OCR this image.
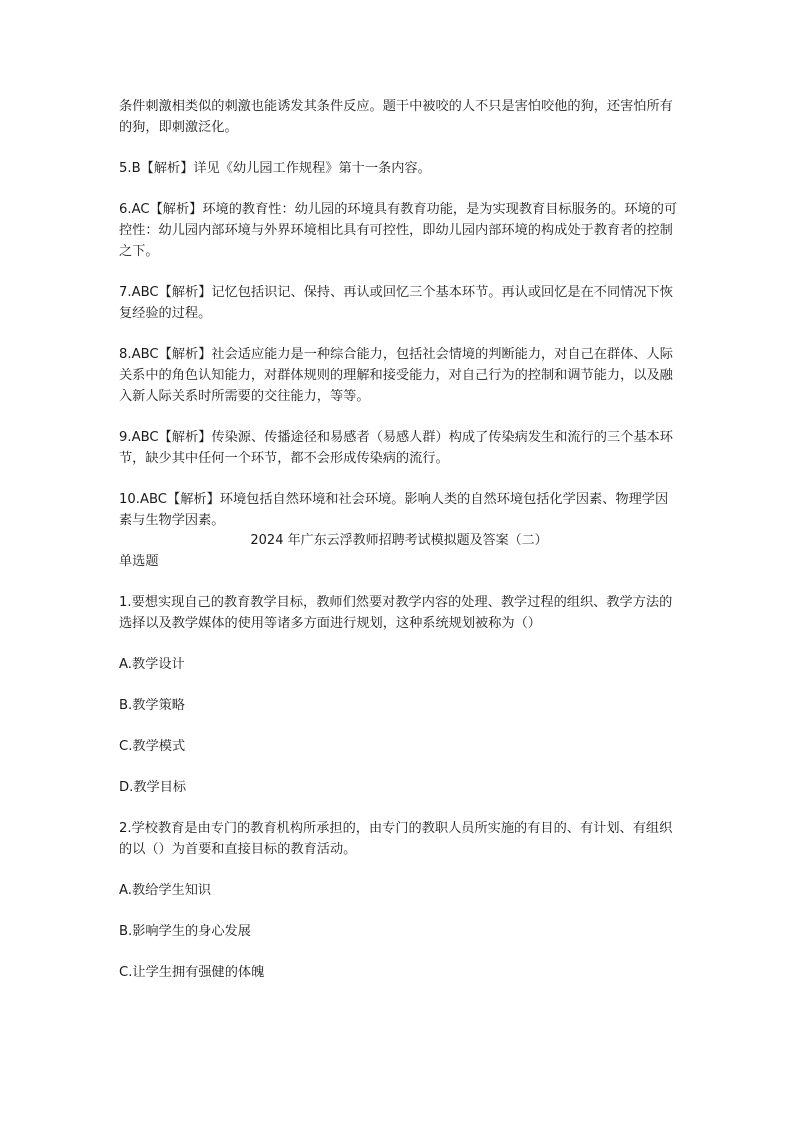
条件刺激相类似的刺激也能诱发其条件反应。题干中被咬的人不只是害怕咬他的狗，还害怕所有的狗，即刺激泛化。

5.B【解析】详见《幼儿园工作规程》第十一条内容。

6.AC【解析】环境的教育性：幼儿园的环境具有教育功能，是为实现教育目标服务的。环境的可控性：幼儿园内部环境与外界环境相比具有可控性，即幼儿园内部环境的构成处于教育者的控制之下。

7.ABC【解析】记忆包括识记、保持、再认或回忆三个基本环节。再认或回忆是在不同情况下恢复经验的过程。

8.ABC【解析】社会适应能力是一种综合能力，包括社会情境的判断能力，对自己在群体、人际关系中的角色认知能力，对群体规则的理解和接受能力，对自己行为的控制和调节能力，以及融入新人际关系时所需要的交往能力，等等。

9.ABC【解析】传染源、传播途径和易感者（易感人群）构成了传染病发生和流行的三个基本环节，缺少其中任何一个环节，都不会形成传染病的流行。

10.ABC【解析】环境包括自然环境和社会环境。影响人类的自然环境包括化学因素、物理学因素与生物学因素。

2024 年广东云浮教师招聘考试模拟题及答案（二）

单选题

1.要想实现自己的教育教学目标，教师们然要对教学内容的处理、教学过程的组织、教学方法的选择以及教学媒体的使用等诸多方面进行规划，这种系统规划被称为（）

A.教学设计

B.教学策略

C.教学模式

D.教学目标

2.学校教育是由专门的教育机构所承担的，由专门的教职人员所实施的有目的、有计划、有组织的以（）为首要和直接目标的教育活动。

A.教给学生知识

B.影响学生的身心发展

C.让学生拥有强健的体魄
